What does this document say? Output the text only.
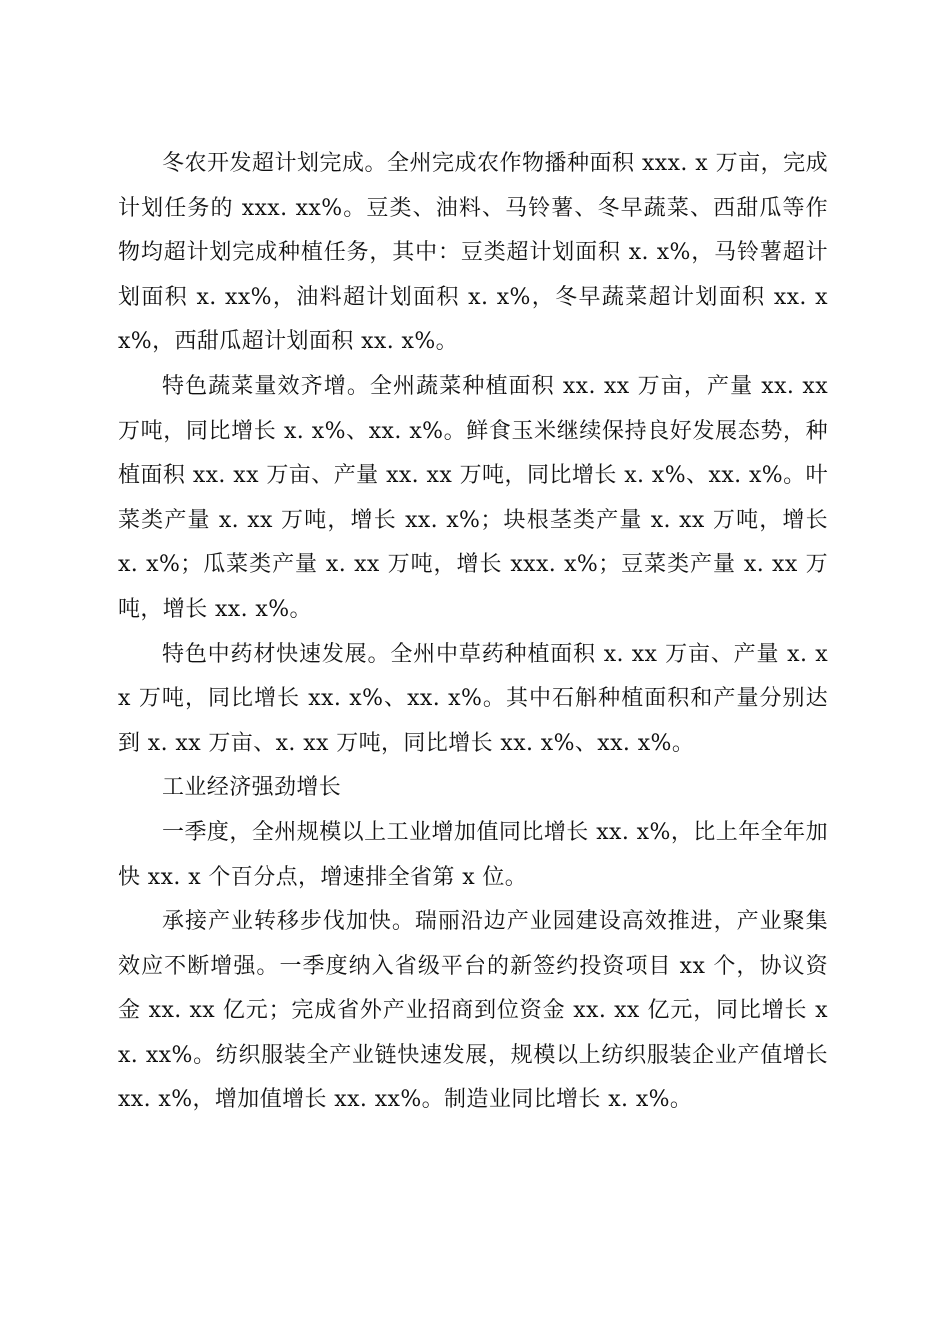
冬农开发超计划完成。全州完成农作物播种面积 xxx. x 万亩，完成计划任务的 xxx. xx%。豆类、油料、马铃薯、冬早蔬菜、西甜瓜等作物均超计划完成种植任务，其中：豆类超计划面积 x. x%，马铃薯超计划面积 x. xx%，油料超计划面积 x. x%，冬早蔬菜超计划面积 xx. xx%，西甜瓜超计划面积 xx. x%。

特色蔬菜量效齐增。全州蔬菜种植面积 xx. xx 万亩，产量 xx. xx 万吨，同比增长 x. x%、xx. x%。鲜食玉米继续保持良好发展态势，种植面积 xx. xx 万亩、产量 xx. xx 万吨，同比增长 x. x%、xx. x%。叶菜类产量 x. xx 万吨，增长 xx. x%；块根茎类产量 x. xx 万吨，增长 x. x%；瓜菜类产量 x. xx 万吨，增长 xxx. x%；豆菜类产量 x. xx 万吨，增长 xx. x%。

特色中药材快速发展。全州中草药种植面积 x. xx 万亩、产量 x. xx 万吨，同比增长 xx. x%、xx. x%。其中石斛种植面积和产量分别达到 x. xx 万亩、x. xx 万吨，同比增长 xx. x%、xx. x%。

工业经济强劲增长

一季度，全州规模以上工业增加值同比增长 xx. x%，比上年全年加快 xx. x 个百分点，增速排全省第 x 位。

承接产业转移步伐加快。瑞丽沿边产业园建设高效推进，产业聚集效应不断增强。一季度纳入省级平台的新签约投资项目 xx 个，协议资金 xx. xx 亿元；完成省外产业招商到位资金 xx. xx 亿元，同比增长 xx. xx%。纺织服装全产业链快速发展，规模以上纺织服装企业产值增长 xx. x%，增加值增长 xx. xx%。制造业同比增长 x. x%。
